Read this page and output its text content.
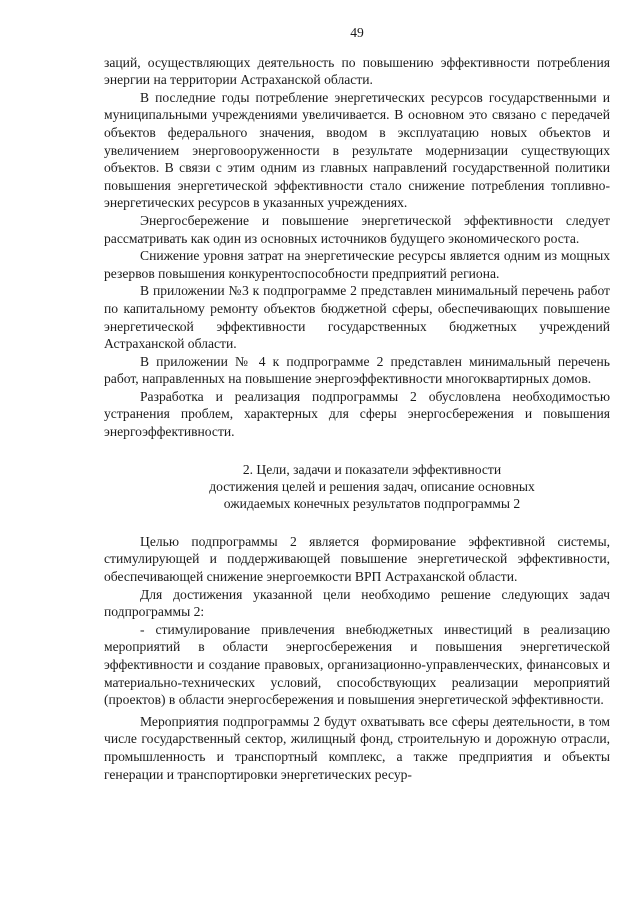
49

заций, осуществляющих деятельность по повышению эффективности потребления энергии на территории Астраханской области.

В последние годы потребление энергетических ресурсов государственными и муниципальными учреждениями увеличивается. В основном это связано с передачей объектов федерального значения, вводом в эксплуатацию новых объектов и увеличением энерговооруженности в результате модернизации существующих объектов. В связи с этим одним из главных направлений государственной политики повышения энергетической эффективности стало снижение потребления топливно-энергетических ресурсов в указанных учреждениях.

Энергосбережение и повышение энергетической эффективности следует рассматривать как один из основных источников будущего экономического роста.

Снижение уровня затрат на энергетические ресурсы является одним из мощных резервов повышения конкурентоспособности предприятий региона.

В приложении №3 к подпрограмме 2 представлен минимальный перечень работ по капитальному ремонту объектов бюджетной сферы, обеспечивающих повышение энергетической эффективности государственных бюджетных учреждений Астраханской области.

В приложении № 4 к подпрограмме 2 представлен минимальный перечень работ, направленных на повышение энергоэффективности многоквартирных домов.

Разработка и реализация подпрограммы 2 обусловлена необходимостью устранения проблем, характерных для сферы энергосбережения и повышения энергоэффективности.

2. Цели, задачи и показатели эффективности
достижения целей и решения задач, описание основных
ожидаемых конечных результатов подпрограммы 2

Целью подпрограммы 2 является формирование эффективной системы, стимулирующей и поддерживающей повышение энергетической эффективности, обеспечивающей снижение энергоемкости ВРП Астраханской области.

Для достижения указанной цели необходимо решение следующих задач подпрограммы 2:

- стимулирование привлечения внебюджетных инвестиций в реализацию мероприятий в области энергосбережения и повышения энергетической эффективности и создание правовых, организационно-управленческих, финансовых и материально-технических условий, способствующих реализации мероприятий (проектов) в области энергосбережения и повышения энергетической эффективности.

Мероприятия подпрограммы 2 будут охватывать все сферы деятельности, в том числе государственный сектор, жилищный фонд, строительную и дорожную отрасли, промышленность и транспортный комплекс, а также предприятия и объекты генерации и транспортировки энергетических ресур-
